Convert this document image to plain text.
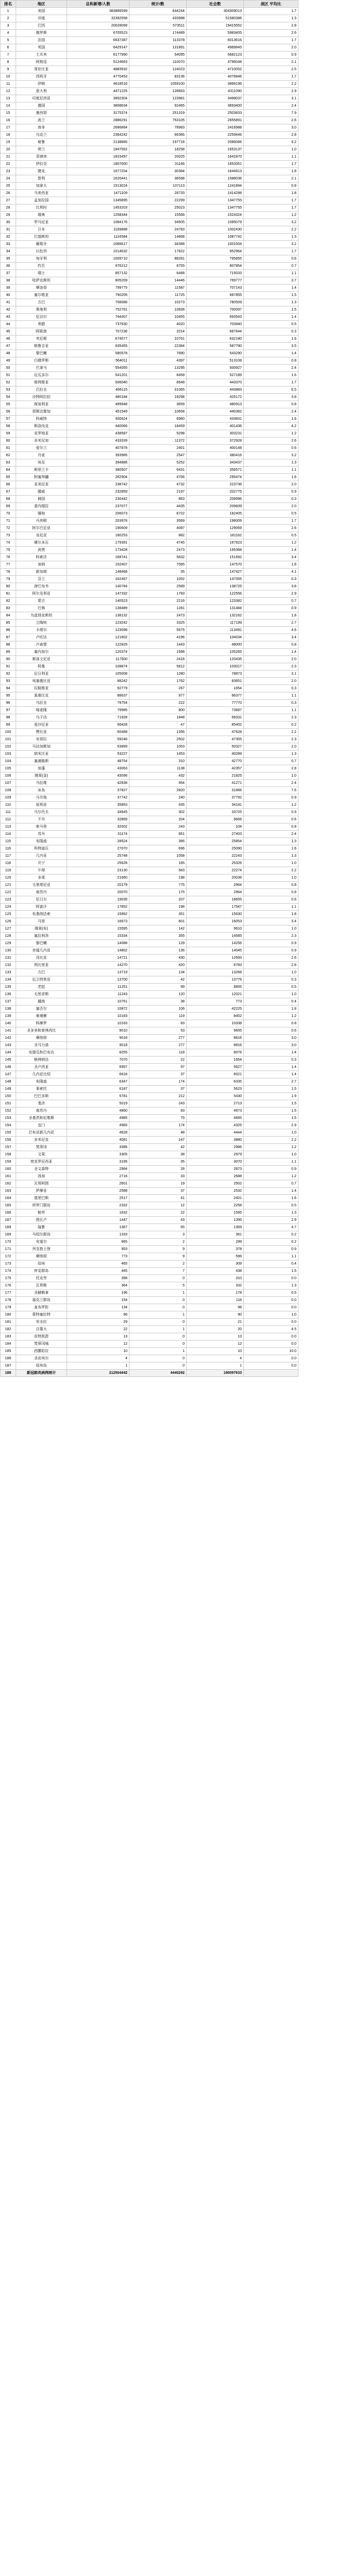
排名	地区	总和新增/人数	统计/数	社会数	战区 平均比
1	美国	383866599	644244	304309013	1.7
2	印度	32392558	433998	51580386	1.3
3	巴西	20028099	573511	19415552	2.8
4	俄罗斯	6705523	174489	5983405	2.6
5	法国	6637387	113378	6013616	1.7
6	英国	6429147	131891	4989845	2.0
7	土耳其	6177990	54095	5682123	0.9
8	阿根廷	5124663	110070	4796048	2.1
9	哥伦比亚	4883932	124023	4710052	2.5
10	西班牙	4770453	83136	4076846	1.7
11	伊朗	4618516	1059100	3868196	2.2
12	意大利	4471225	128663	4311090	2.9
13	印度尼西亚	3892304	123981	3499037	3.1
14	德国	3808634	92465	3693400	2.4
15	墨西哥	3175374	251319	2503833	7.9
16	波兰	2886291	753105	2655891	2.6
17	南非	2686864	78983	2416988	3.0
18	乌克兰	2364242	66366	2259446	2.8
19	秘鲁	2138866	197718	2086066	9.2
20	荷兰	1847562	18258	1653137	1.0
21	菲律宾	1815497	20025	1641870	1.1
22	伊拉克	1807600	31166	1653351	1.7
23	捷克	1677204	30384	1644913	1.8
24	智利	1620441	36598	1588036	2.1
25	加拿大	1513024	137113	1241894	0.8
26	马来西亚	1471109	28733	1414288	1.8
27	孟加拉国	1345895	22299	1347755	1.7
28	比利时	1453203	25023	1347755	1.7
29	瑞典	1258344	15568	1524324	1.2
30	罗马尼亚	1084176	34505	1085079	3.2
31	日本	1169888	24783	1002430	2.2
32	巴基斯坦	1116584	14868	1087742	1.3
33	葡萄牙	1066617	34388	1001504	3.2
34	以色列	1014632	17822	952964	1.7
35	匈牙利	1009710	88281	795855	0.6
36	约旦	976212	8755	807854	0.7
37	瑞士	857132	6488	715033	1.1
38	哈萨克斯坦	805209	14446	769777	3.7
39	摩洛哥	799775	11587	707143	1.4
40	塞尔维亚	790205	11725	687855	1.5
41	古巴	708088	10273	780509	1.3
42	奥地利	752761	10838	700097	1.5
43	尼泊尔	744307	10455	693543	1.4
44	希腊	737630	4020	703940	0.5
45	阿联酋	707236	2014	687644	0.3
46	突尼斯	674077	10761	632180	1.6
47	格鲁吉亚	635455	22384	587790	3.5
48	黎巴嫩	580578	7890	543290	1.4
49	白俄罗斯	564011	4397	513108	0.8
50	巴拿马	554055	13295	500927	2.4
51	厄瓜多尔	541201	8458	527189	1.6
52	玻利维亚	506040	8648	443370	1.7
53	巴拉圭	466115	31065	443883	6.5
54	沙特阿拉伯	480184	18298	425172	3.8
55	保加利亚	499948	3659	480913	0.8
56	哥斯达黎加	451549	10658	440382	2.4
57	科威特	400624	6960	433831	1.6
58	斯洛伐克	440066	18459	401436	4.2
59	克罗地亚	438587	5298	303231	1.2
60	多米尼加	433339	11372	372928	2.6
61	爱尔兰	407878	2401	400148	0.6
62	丹麦	393985	2547	380416	3.2
63	埃及	394886	5252	343437	1.3
64	斯里兰卡	380507	6431	356571	1.1
65	阿塞拜疆	282904	4766	295474	1.6
66	亚美尼亚	238742	4732	223736	2.0
67	挪威	232859	2197	202775	0.9
68	韩国	230442	863	208996	0.3
69	委内瑞拉	237077	4435	209839	2.0
70	缅甸	206073	8722	182405	0.5
71	马其顿	203978	3569	198009	1.7
72	阿尔巴尼亚	190609	4087	129069	2.6
73	肯尼亚	180253	882	181162	0.5
74	摩尔多瓦	179391	4745	167823	1.2
75	波黑	173428	2473	165368	1.4
76	科索沃	168741	5832	151692	3.4
77	加纳	152407	7065	147570	1.8
78	新加坡	148468	35	147427	4.1
79	芬兰	162467	1052	147055	0.3
80	津巴布韦	140784	2589	138725	3.8
81	阿尔及利亚	147332	1783	122556	2.9
82	蒙古	140523	2216	123382	0.7
83	巴林	138489	1281	131484	0.9
84	乌兹别克斯坦	138132	2473	132162	1.8
85	立陶宛	123242	3325	117199	2.7
86	卡塔尔	123098	5675	113491	4.6
87	卢旺达	121802	4196	104034	3.4
88	卢森堡	122829	1443	48000	0.8
89	塞内加尔	120374	1588	105265	1.4
90	斯洛文尼亚	117500	2418	120435	2.0
91	阿曼	108874	5812	103017	2.3
92	尼日利亚	105008	1280	78873	3.1
93	埃塞俄比亚	88242	1762	83651	2.0
94	拉脱维亚	92779	267	1654	0.3
95	莫桑比克	88637	977	96377	1.1
96	乌拉圭	79754	222	77770	0.3
97	喀麦隆	79985	800	73687	1.1
98	乌干达	71928	1848	58331	2.3
99	爱沙尼亚	66428	47	85402	0.2
100	赞比亚	60488	1356	47628	2.2
101	安哥拉	59246	2502	47355	2.3
102	马达加斯加	53899	1053	50327	2.0
103	纳米比亚	53227	1453	40289	1.3
104	塞浦路斯	48754	310	42770	0.7
105	加蓬	43063	1138	42357	2.8
106	刚果(金)	43096	432	21825	1.0
107	马拉维	42838	954	41271	2.4
108	冰岛	37827	2820	31866	7.6
109	马耳他	37742	240	37792	0.9
110	叙利亚	35853	435	34181	1.2
111	马尔代夫	34645	302	33725	0.9
112	不丹	32869	204	9666	0.6
113	索马里	32002	243	104	0.8
114	苏丹	31174	861	27403	2.4
115	布隆迪	28524	366	25854	1.3
116	科特迪瓦	27070	696	25090	1.6
117	几内亚	25748	1058	22243	1.3
118	贝宁	25628	165	25326	1.0
119	乍得	23130	583	22274	2.2
120	多哥	21660	198	20036	1.0
121	毛里塔尼亚	20179	775	2964	0.8
122	南苏丹	20070	175	2964	0.8
123	尼日尔	19035	207	18655	0.6
124	阿富汗	17852	198	17547	1.1
125	布基纳法索	15962	351	15630	1.8
126	马里	16673	601	16053	3.4
127	刚果(布)	15595	142	9610	1.0
128	塞拉利昂	15334	355	14585	2.3
129	黎巴嫩	14088	129	14256	0.9
130	赤道几内亚	14802	136	14045	0.9
131	冈比亚	14721	430	12693	2.6
132	利比里亚	14270	420	6783	2.8
133	古巴	13719	134	13268	1.0
134	厄立特里亚	13700	42	13776	0.3
135	老挝	11251	99	8855	0.5
136	毛里求斯	11243	120	12021	1.0
137	越南	10761	38	773	0.4
138	塞舌尔	10872	106	42225	1.8
139	柬埔寨	10183	119	8402	1.2
140	科摩罗	10163	83	10338	0.8
141	圣多美和普林西比	9010	53	9655	0.6
142	摩纳哥	9018	277	8816	3.0
143	圣马力诺	9018	277	8816	3.0
144	安提瓜和巴布达	8255	118	8076	1.4
145	格林纳达	7070	22	1654	0.3
146	圣卢西亚	6957	97	5627	1.4
147	几内亚比绍	6618	37	6021	1.4
148	布隆迪	6347	174	6335	2.7
149	莱索托	6187	37	5623	1.5
150	巴巴多斯	5781	212	5430	1.9
151	斐济	5019	243	2713	1.5
152	南苏丹	4860	83	4673	1.5
153	圣基茨和尼维斯	4985	75	4685	1.5
154	也门	4965	174	4325	2.9
155	巴布亚新几内亚	4628	48	4444	1.0
156	多米尼克	4081	147	3880	2.2
157	梵蒂冈	3386	42	2986	1.2
158	文莱	3305	38	2979	1.0
159	密克罗尼西亚	3195	35	3070	1.1
160	圣文森特	2984	28	2873	0.9
161	汤加	2716	33	2688	1.2
162	瓦努阿图	2601	19	2502	0.7
163	萨摩亚	2588	37	2532	1.4
164	基里巴斯	2517	41	2401	1.6
165	所罗门群岛	2332	12	2258	0.5
166	帕劳	1632	22	1595	1.3
167	图瓦卢	1447	43	1395	2.9
168	瑙鲁	1367	65	1369	4.7
169	马绍尔群岛	1333	3	361	0.2
170	安道尔	965	2	299	0.2
171	列支敦士登	953	9	378	0.9
172	摩纳哥	773	9	596	1.1
173	纽埃	465	2	309	0.4
174	库克群岛	445	7	438	1.5
175	托克劳	398	0	310	0.0
176	瓦利斯	364	5	332	1.3
177	圣赫勒拿	196	1	178	0.5
178	福克兰群岛	154	0	116	0.0
179	直布罗陀	134	0	98	0.0
180	蒙特塞拉特	96	1	90	1.0
181	安圭拉	29	0	21	0.0
182	百慕大	22	1	20	4.5
183	皮特凯恩	13	0	13	0.0
184	梵蒂冈城	12	0	12	0.0
185	西撒哈拉	10	1	10	10.0
186	圣皮埃尔	4	0	4	0.0
187	纽埃岛	1	0	1	0.0
188	新冠肺炎病例统计	212504442	4440292	190097633	
